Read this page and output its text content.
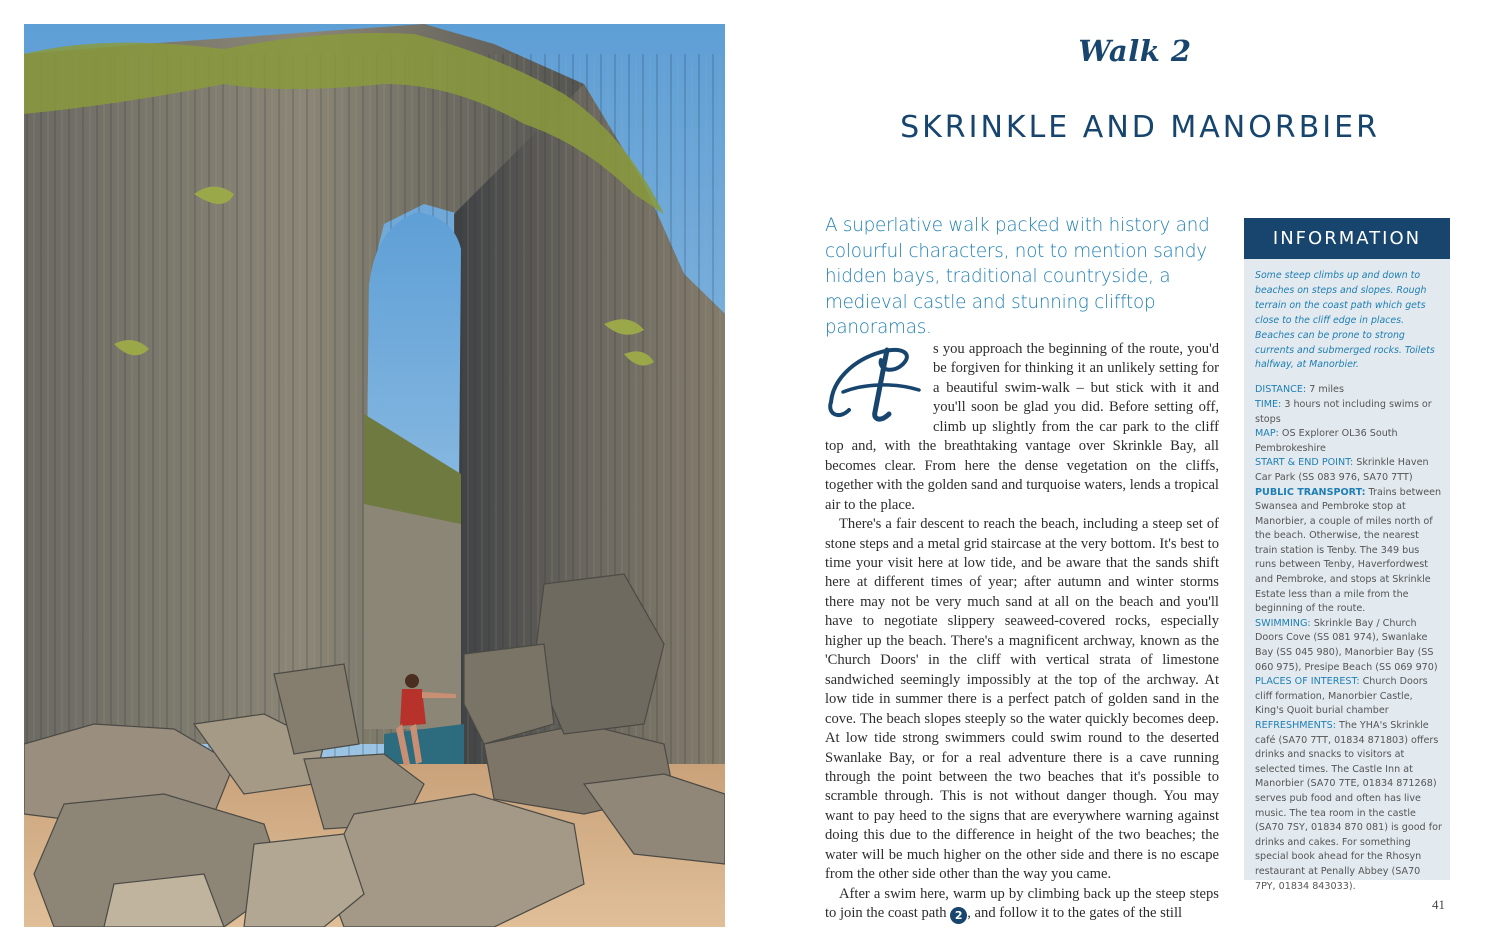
Walk 2
SKRINKLE AND MANORBIER
A superlative walk packed with history and colourful characters, not to mention sandy hidden bays, traditional countryside, a medieval castle and stunning clifftop panoramas.

A
s you approach the beginning of the route, you'd be forgiven for thinking it an unlikely setting for a beautiful swim-walk – but stick with it and you'll soon be glad you did. Before setting off, climb up slightly from the car park to the cliff top and, with the breathtaking vantage over Skrinkle Bay, all becomes clear. From here the dense vegetation on the cliffs, together with the golden sand and turquoise waters, lends a tropical air to the place.

There's a fair descent to reach the beach, including a steep set of stone steps and a metal grid staircase at the very bottom. It's best to time your visit here at low tide, and be aware that the sands shift here at different times of year; after autumn and winter storms there may not be very much sand at all on the beach and you'll have to negotiate slippery seaweed-covered rocks, especially higher up the beach. There's a magnificent archway, known as the 'Church Doors' in the cliff with vertical strata of limestone sandwiched seemingly impossibly at the top of the archway. At low tide in summer there is a perfect patch of golden sand in the cove. The beach slopes steeply so the water quickly becomes deep. At low tide strong swimmers could swim round to the deserted Swanlake Bay, or for a real adventure there is a cave running through the point between the two beaches that it's possible to scramble through. This is not without danger though. You may want to pay heed to the signs that are everywhere warning against doing this due to the difference in height of the two beaches; the water will be much higher on the other side and there is no escape from the other side other than the way you came.

After a swim here, warm up by climbing back up the steep steps to join the coast path 2 , and follow it to the gates of the still

INFORMATION
Some steep climbs up and down to beaches on steps and slopes. Rough terrain on the coast path which gets close to the cliff edge in places. Beaches can be prone to strong currents and submerged rocks. Toilets halfway, at Manorbier.
DISTANCE: 7 miles
TIME: 3 hours not including swims or stops
MAP: OS Explorer OL36 South Pembrokeshire
START & END POINT: Skrinkle Haven Car Park (SS 083 976, SA70 7TT)
PUBLIC TRANSPORT: Trains between Swansea and Pembroke stop at Manorbier, a couple of miles north of the beach. Otherwise, the nearest train station is Tenby. The 349 bus runs between Tenby, Haverfordwest and Pembroke, and stops at Skrinkle Estate less than a mile from the beginning of the route.
SWIMMING: Skrinkle Bay / Church Doors Cove (SS 081 974), Swanlake Bay (SS 045 980), Manorbier Bay (SS 060 975), Presipe Beach (SS 069 970)
PLACES OF INTEREST: Church Doors cliff formation, Manorbier Castle, King's Quoit burial chamber
REFRESHMENTS: The YHA's Skrinkle café (SA70 7TT, 01834 871803) offers drinks and snacks to visitors at selected times. The Castle Inn at Manorbier (SA70 7TE, 01834 871268) serves pub food and often has live music. The tea room in the castle (SA70 7SY, 01834 870 081) is good for drinks and cakes. For something special book ahead for the Rhosyn restaurant at Penally Abbey (SA70 7PY, 01834 843033).
41
